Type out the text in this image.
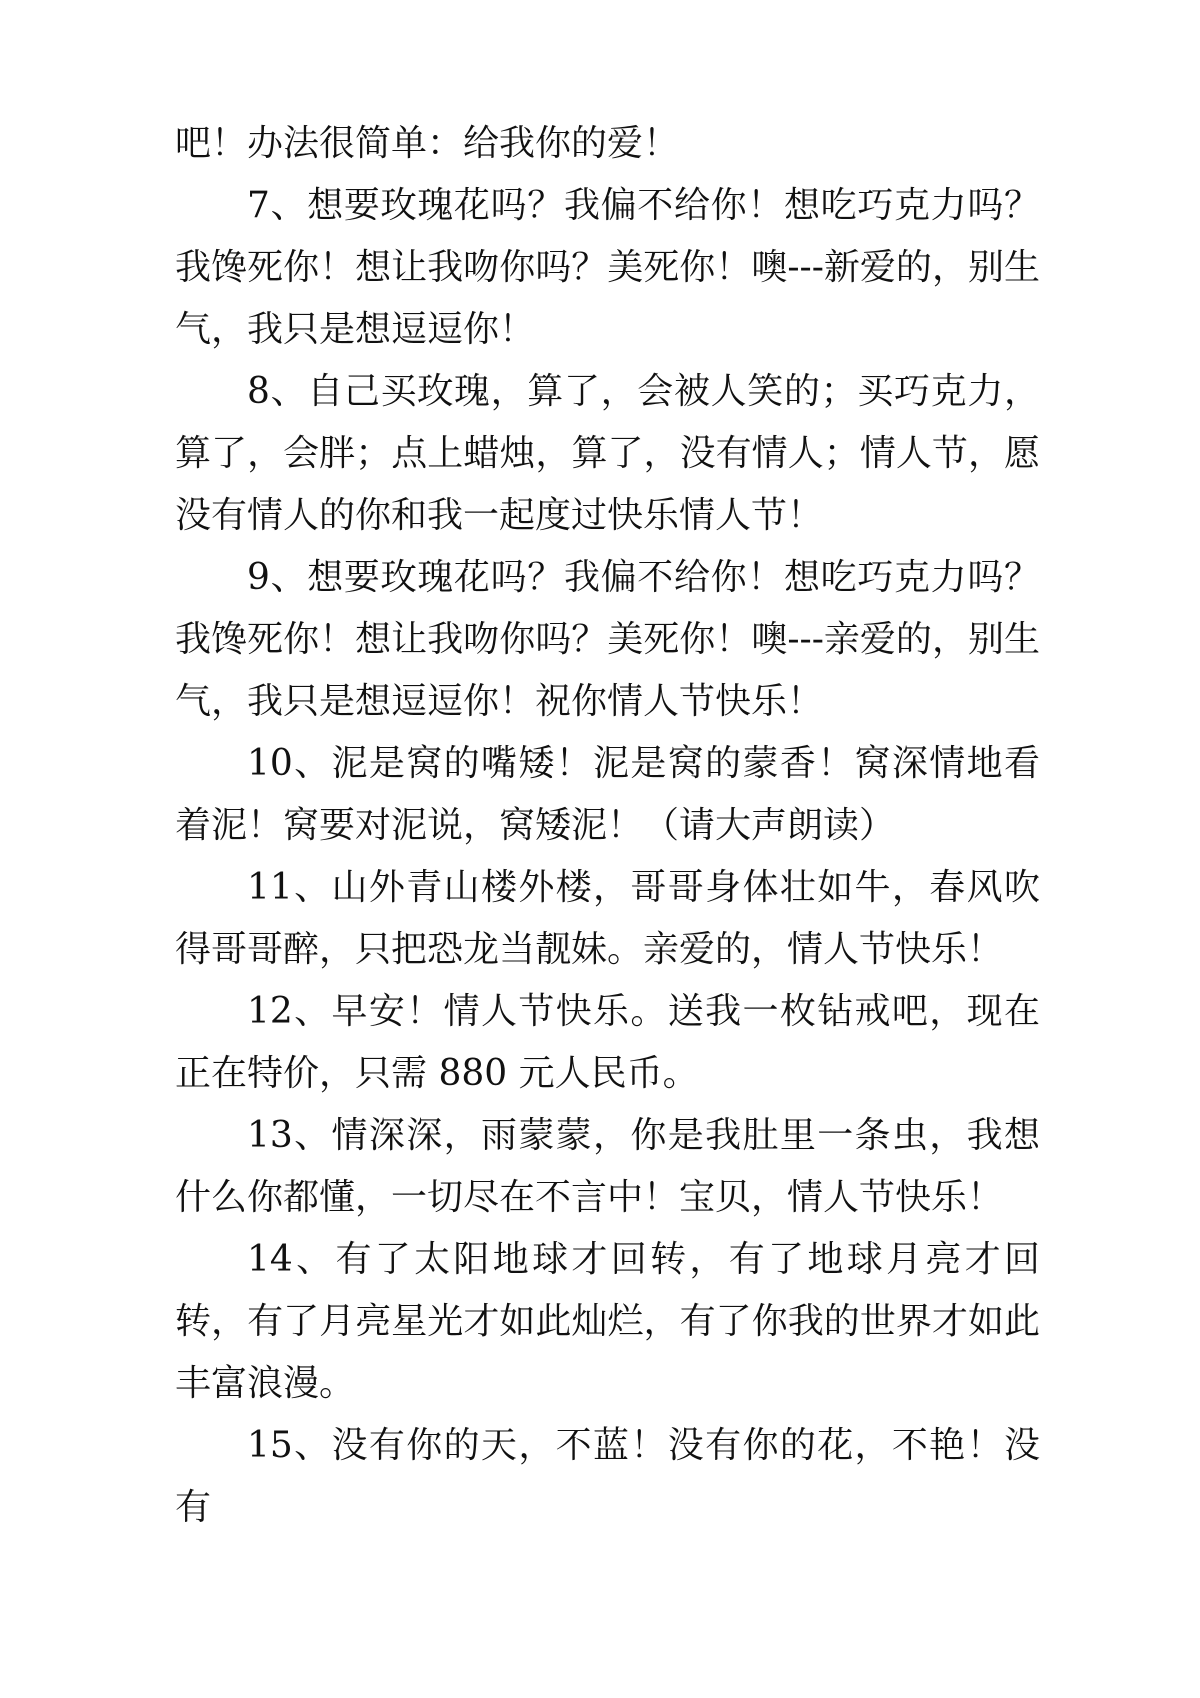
吧！办法很简单：给我你的爱！

7、想要玫瑰花吗？我偏不给你！想吃巧克力吗？我馋死你！想让我吻你吗？美死你！噢---新爱的，别生气，我只是想逗逗你！

8、自己买玫瑰，算了，会被人笑的；买巧克力，算了，会胖；点上蜡烛，算了，没有情人；情人节，愿没有情人的你和我一起度过快乐情人节！

9、想要玫瑰花吗？我偏不给你！想吃巧克力吗？我馋死你！想让我吻你吗？美死你！噢---亲爱的，别生气，我只是想逗逗你！祝你情人节快乐！

10、泥是窝的嘴矮！泥是窝的蒙香！窝深情地看着泥！窝要对泥说，窝矮泥！（请大声朗读）

11、山外青山楼外楼，哥哥身体壮如牛，春风吹得哥哥醉，只把恐龙当靓妹。亲爱的，情人节快乐！

12、早安！情人节快乐。送我一枚钻戒吧，现在正在特价，只需 880 元人民币。

13、情深深，雨蒙蒙，你是我肚里一条虫，我想什么你都懂，一切尽在不言中！宝贝，情人节快乐！

14、有了太阳地球才回转，有了地球月亮才回转，有了月亮星光才如此灿烂，有了你我的世界才如此丰富浪漫。

15、没有你的天，不蓝！没有你的花，不艳！没有
